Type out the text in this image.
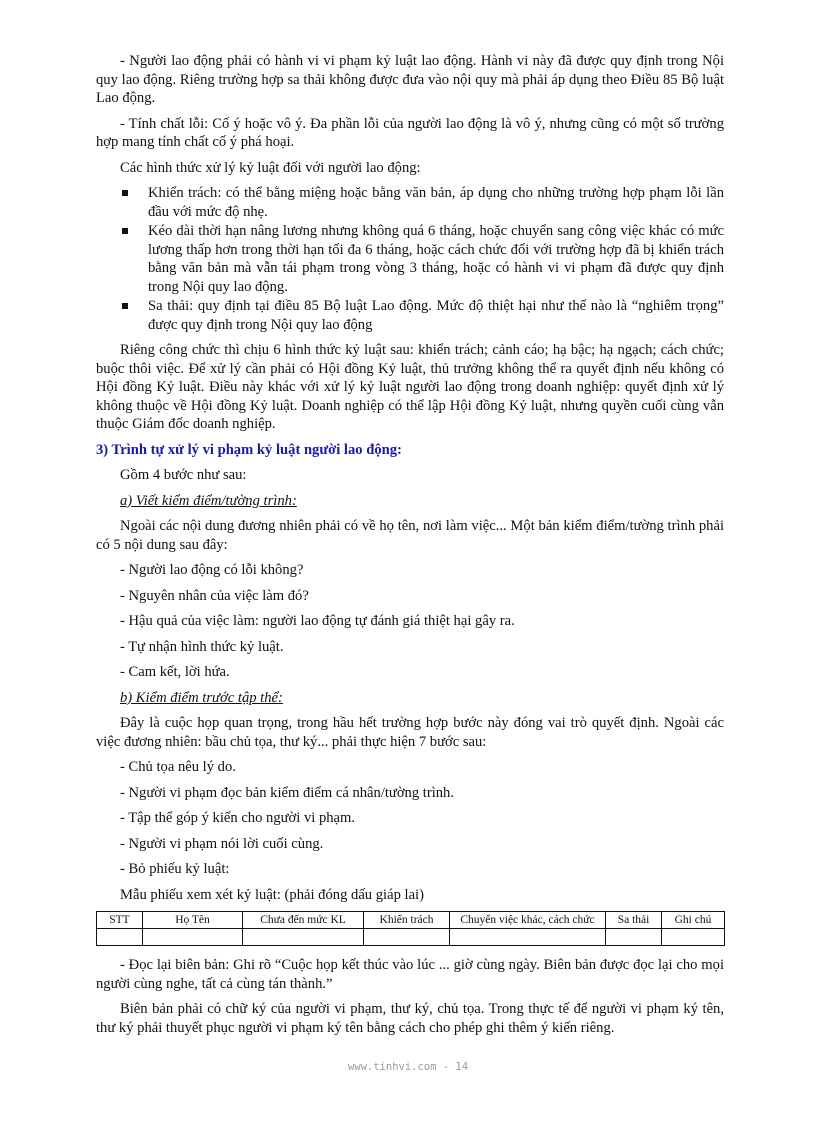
- Người lao động phải có hành vi vi phạm kỷ luật lao động. Hành vi này đã được quy định trong Nội quy lao động. Riêng trường hợp sa thải không được đưa vào nội quy mà phải áp dụng theo Điều 85 Bộ luật Lao động.

- Tính chất lỗi: Cố ý hoặc vô ý. Đa phần lỗi của người lao động là vô ý, nhưng cũng có một số trường hợp mang tính chất cố ý phá hoại.

Các hình thức xử lý kỷ luật đối với người lao động:

Khiển trách: có thể bằng miệng hoặc bằng văn bản, áp dụng cho những trường hợp phạm lỗi lần đầu với mức độ nhẹ.
Kéo dài thời hạn nâng lương nhưng không quá 6 tháng, hoặc chuyển sang công việc khác có mức lương thấp hơn trong thời hạn tối đa 6 tháng, hoặc cách chức đối với trường hợp đã bị khiển trách bằng văn bản mà vẫn tái phạm trong vòng 3 tháng, hoặc có hành vi vi phạm đã được quy định trong Nội quy lao động.
Sa thải: quy định tại điều 85 Bộ luật Lao động. Mức độ thiệt hại như thế nào là “nghiêm trọng” được quy định trong Nội quy lao động

Riêng công chức thì chịu 6 hình thức kỷ luật sau: khiển trách; cảnh cáo; hạ bậc; hạ ngạch; cách chức; buộc thôi việc. Để xử lý cần phải có Hội đồng Kỷ luật, thủ trưởng không thể ra quyết định nếu không có Hội đồng Kỷ luật. Điều này khác với xử lý kỷ luật người lao động trong doanh nghiệp: quyết định xử lý không thuộc về Hội đồng Kỷ luật. Doanh nghiệp có thể lập Hội đồng Kỷ luật, nhưng quyền cuối cùng vẫn thuộc Giám đốc doanh nghiệp.

3) Trình tự xử lý vi phạm kỷ luật người lao động:

Gồm 4 bước như sau:

a) Viết kiểm điểm/tường trình:

Ngoài các nội dung đương nhiên phải có về họ tên, nơi làm việc... Một bản kiểm điểm/tường trình phải có 5 nội dung sau đây:

- Người lao động có lỗi không?

- Nguyên nhân của việc làm đó?

- Hậu quả của việc làm: người lao động tự đánh giá thiệt hại gây ra.

- Tự nhận hình thức kỷ luật.

- Cam kết, lời hứa.

b) Kiểm điểm trước tập thể:

Đây là cuộc họp quan trọng, trong hầu hết trường hợp bước này đóng vai trò quyết định. Ngoài các việc đương nhiên: bầu chủ tọa, thư ký... phải thực hiện 7 bước sau:

- Chủ tọa nêu lý do.

- Người vi phạm đọc bản kiểm điểm cá nhân/tường trình.

- Tập thể góp ý kiến cho người vi phạm.

- Người vi phạm nói lời cuối cùng.

- Bỏ phiếu kỷ luật:

Mẫu phiếu xem xét kỷ luật: (phải đóng dấu giáp lai)

STT	Họ Tên	Chưa đến mức KL	Khiển trách	Chuyển việc khác, cách chức	Sa thải	Ghi chú

- Đọc lại biên bản: Ghi rõ “Cuộc họp kết thúc vào lúc ... giờ cùng ngày. Biên bản được đọc lại cho mọi người cùng nghe, tất cả cùng tán thành.”

Biên bản phải có chữ ký của người vi phạm, thư ký, chủ tọa. Trong thực tế để người vi phạm ký tên, thư ký phải thuyết phục người vi phạm ký tên bằng cách cho phép ghi thêm ý kiến riêng.

www.tinhvi.com - 14
